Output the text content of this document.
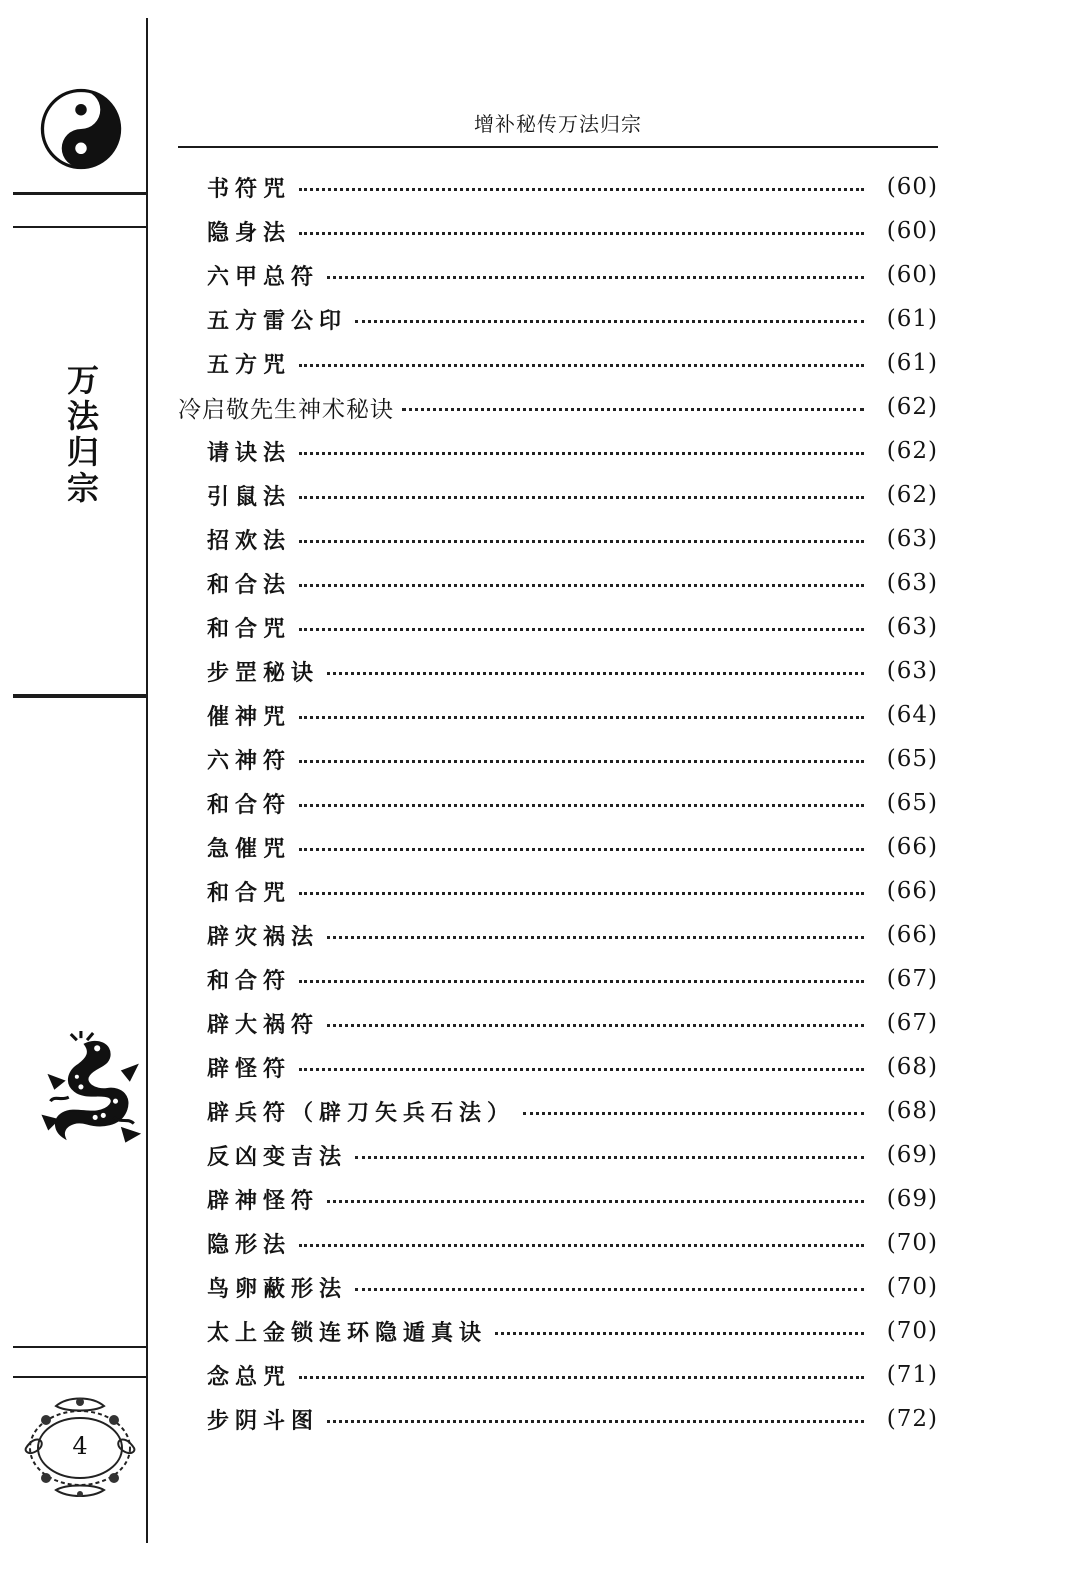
万法归宗
4
增补秘传万法归宗
书符咒	(60)
隐身法	(60)
六甲总符	(60)
五方雷公印	(61)
五方咒	(61)
冷启敬先生神术秘诀	(62)
请诀法	(62)
引鼠法	(62)
招欢法	(63)
和合法	(63)
和合咒	(63)
步罡秘诀	(63)
催神咒	(64)
六神符	(65)
和合符	(65)
急催咒	(66)
和合咒	(66)
辟灾祸法	(66)
和合符	(67)
辟大祸符	(67)
辟怪符	(68)
辟兵符（辟刀矢兵石法）	(68)
反凶变吉法	(69)
辟神怪符	(69)
隐形法	(70)
鸟卵蔽形法	(70)
太上金锁连环隐遁真诀	(70)
念总咒	(71)
步阴斗图	(72)
